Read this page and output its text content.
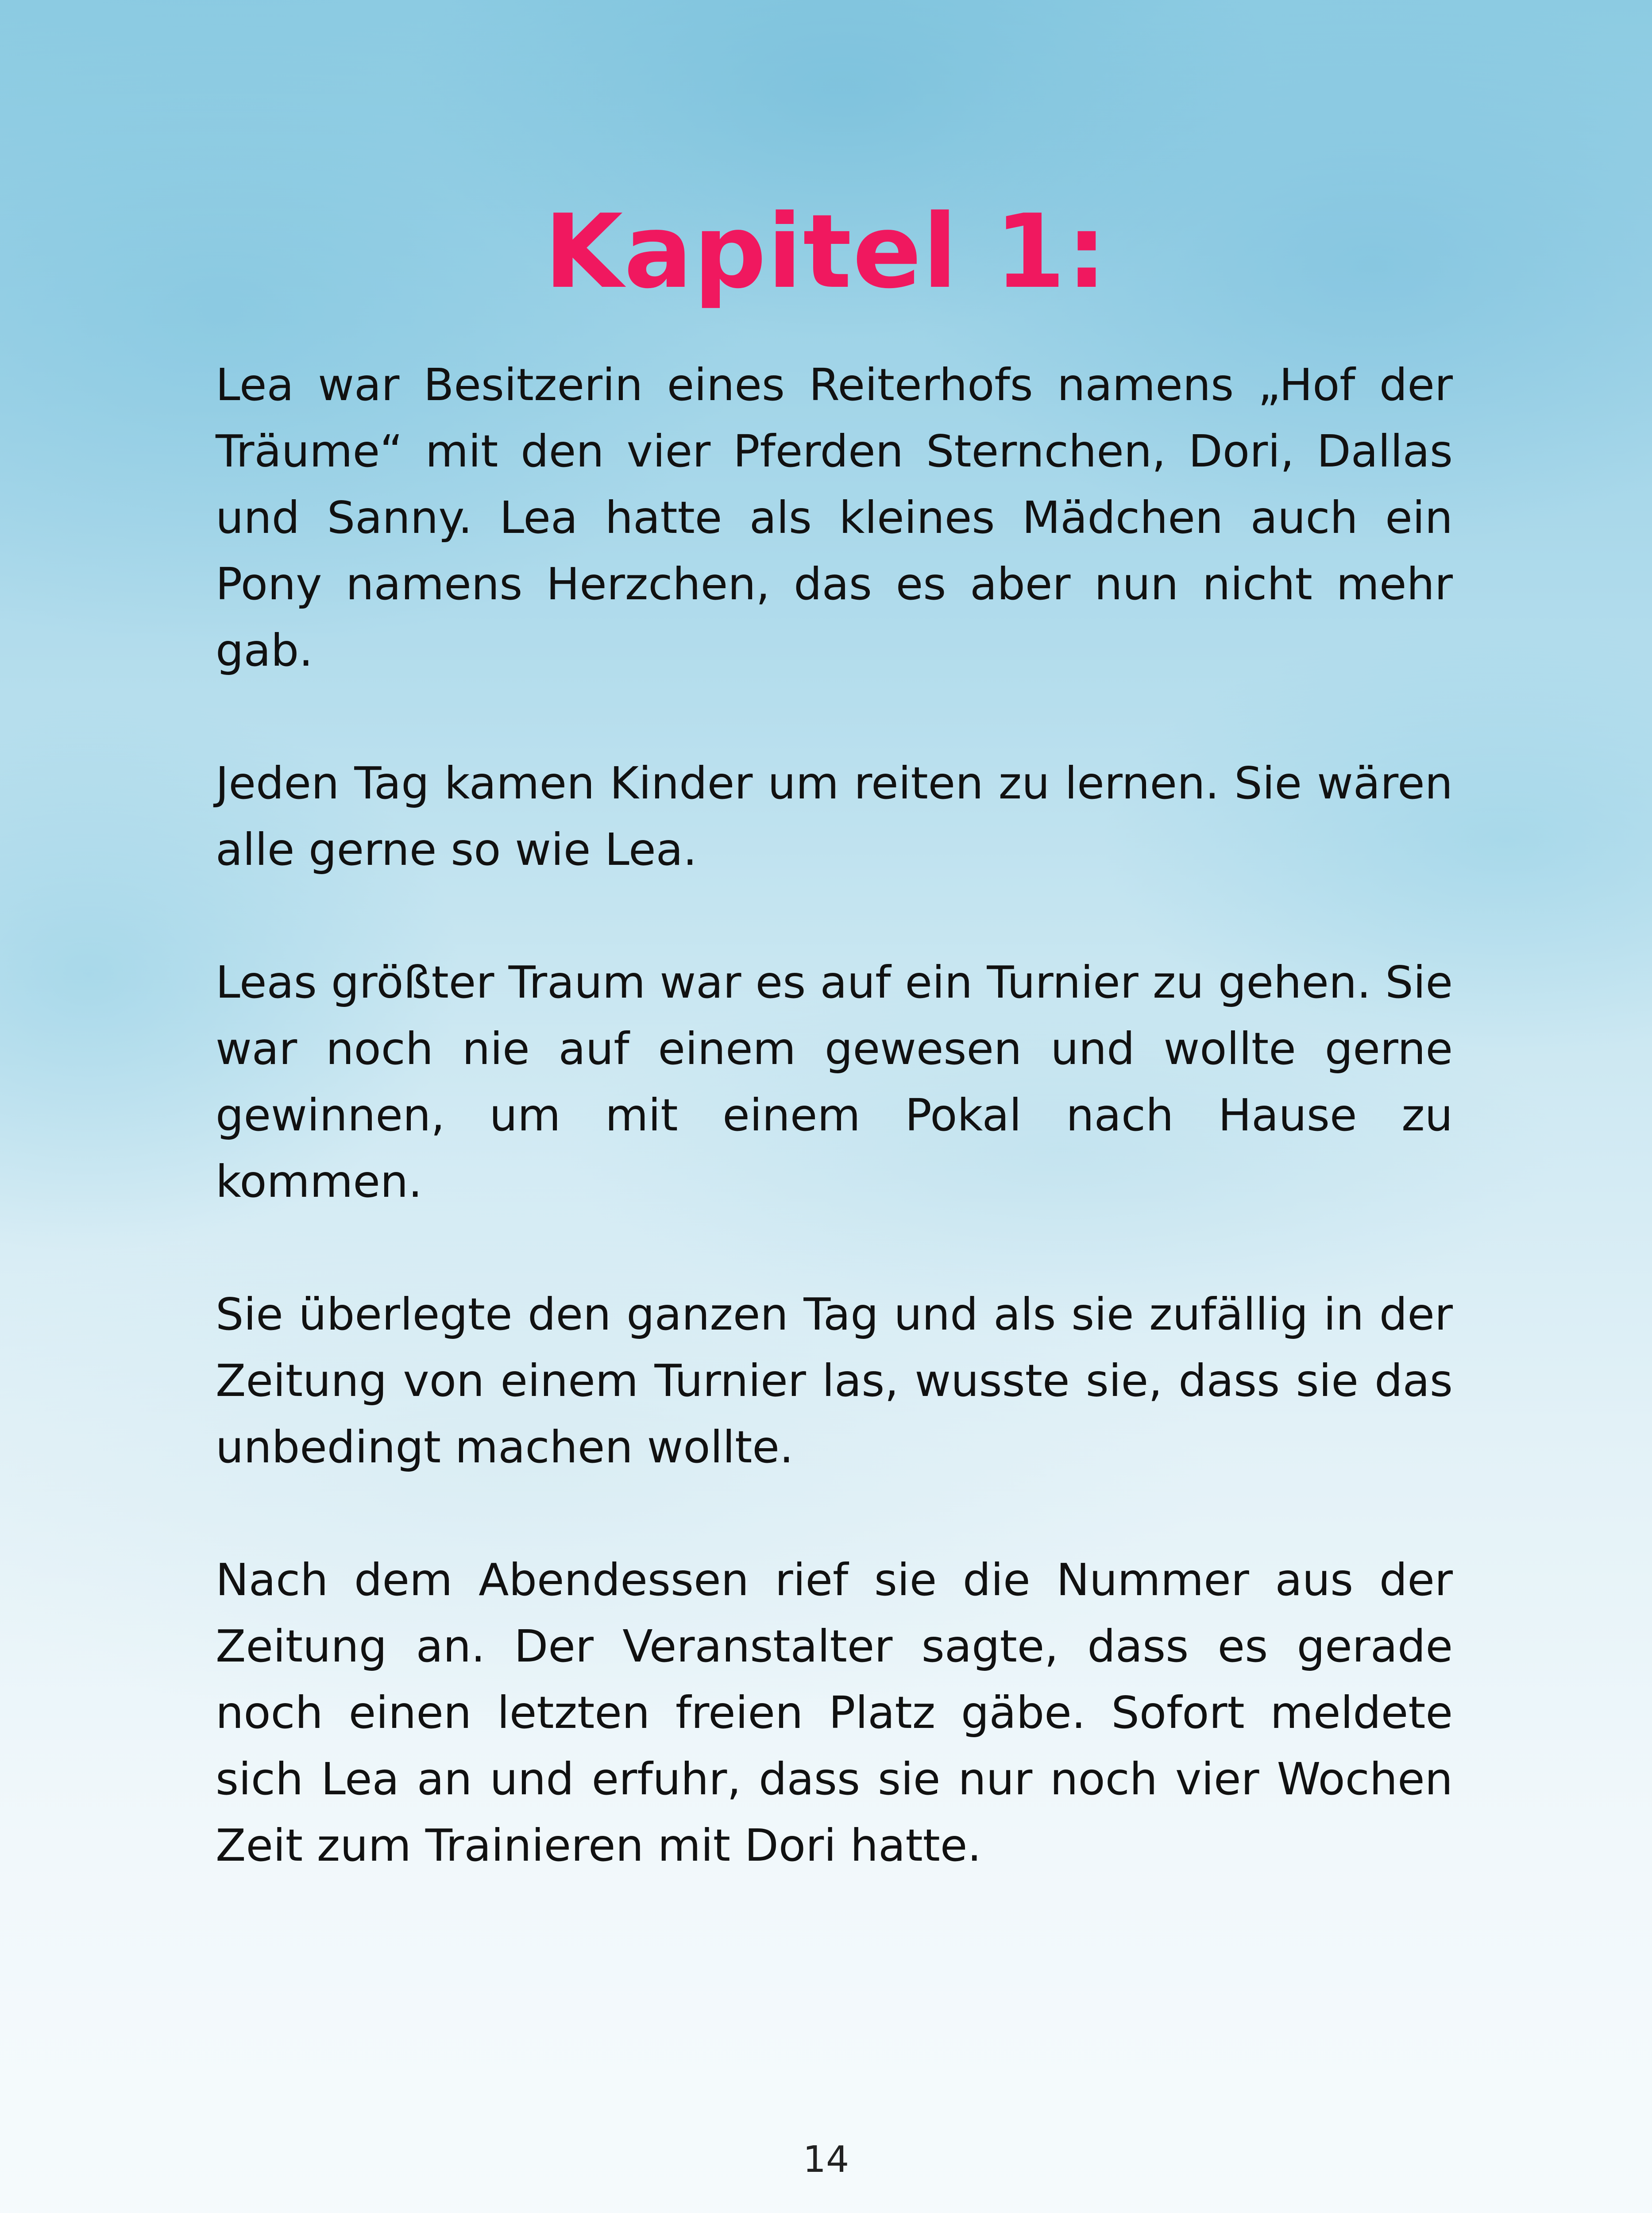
Kapitel 1:

Lea war Besitzerin eines Reiterhofs namens „Hof der Träume“ mit den vier Pferden Sternchen, Dori, Dallas und Sanny. Lea hatte als kleines Mädchen auch ein Pony namens Herzchen, das es aber nun nicht mehr gab.

Jeden Tag kamen Kinder um reiten zu lernen. Sie wären alle gerne so wie Lea.

Leas größter Traum war es auf ein Turnier zu gehen. Sie war noch nie auf einem gewesen und wollte gerne gewinnen, um mit einem Pokal nach Hause zu kommen.

Sie überlegte den ganzen Tag und als sie zufällig in der Zeitung von einem Turnier las, wusste sie, dass sie das unbedingt machen wollte.

Nach dem Abendessen rief sie die Nummer aus der Zeitung an. Der Veranstalter sagte, dass es gerade noch einen letzten freien Platz gäbe. Sofort meldete sich Lea an und erfuhr, dass sie nur noch vier Wochen Zeit zum Trainieren mit Dori hatte.

14
